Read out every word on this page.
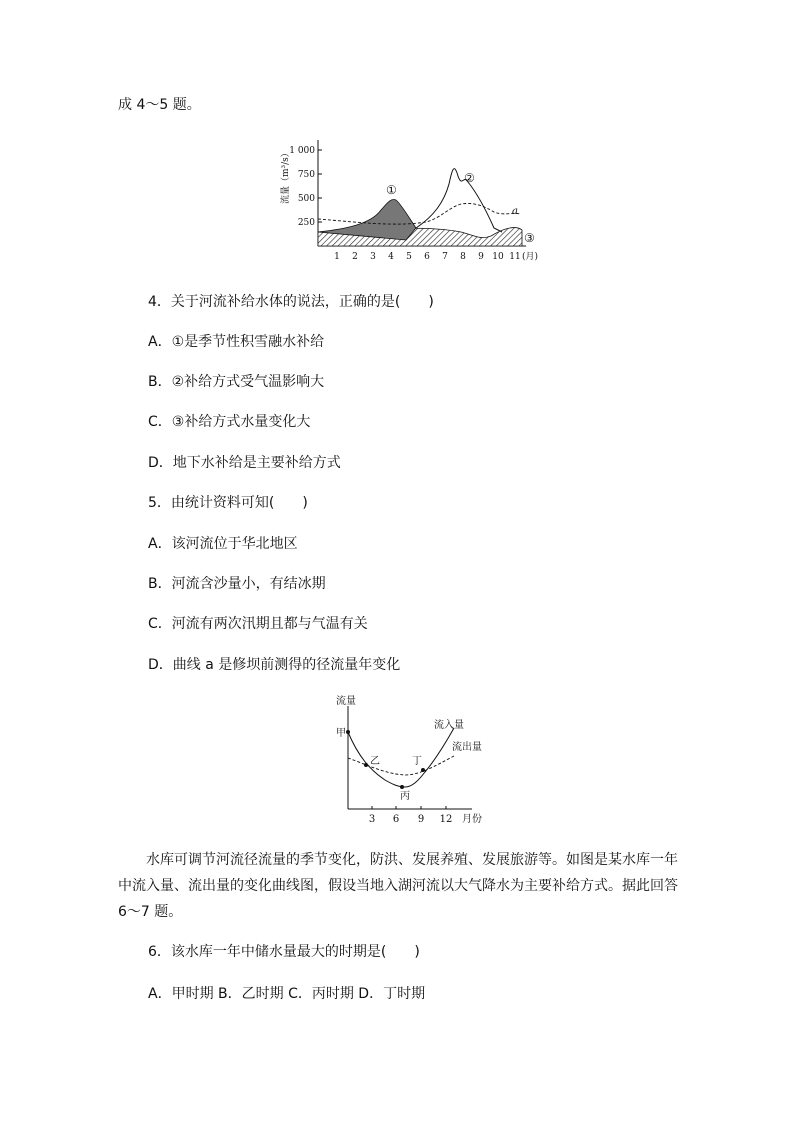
成 4～5 题。
1 000
750
500
250
流量（m³/s）	①
②
③
a
1 2 3 4 5 6 7 8 9 10 11 (月)
4．关于河流补给水体的说法，正确的是(　　)
A．①是季节性积雪融水补给
B．②补给方式受气温影响大
C．③补给方式水量变化大
D．地下水补给是主要补给方式
5．由统计资料可知(　　)
A．该河流位于华北地区
B．河流含沙量小，有结冰期
C．河流有两次汛期且都与气温有关
D．曲线 a 是修坝前测得的径流量年变化
流量
甲
乙
丙
丁
流入量
流出量
3 6 9 12 月份
水库可调节河流径流量的季节变化，防洪、发展养殖、发展旅游等。如图是某水库一年中流入量、流出量的变化曲线图，假设当地入湖河流以大气降水为主要补给方式。据此回答 6～7 题。
6．该水库一年中储水量最大的时期是(　　)
A．甲时期 B．乙时期 C．丙时期 D．丁时期
